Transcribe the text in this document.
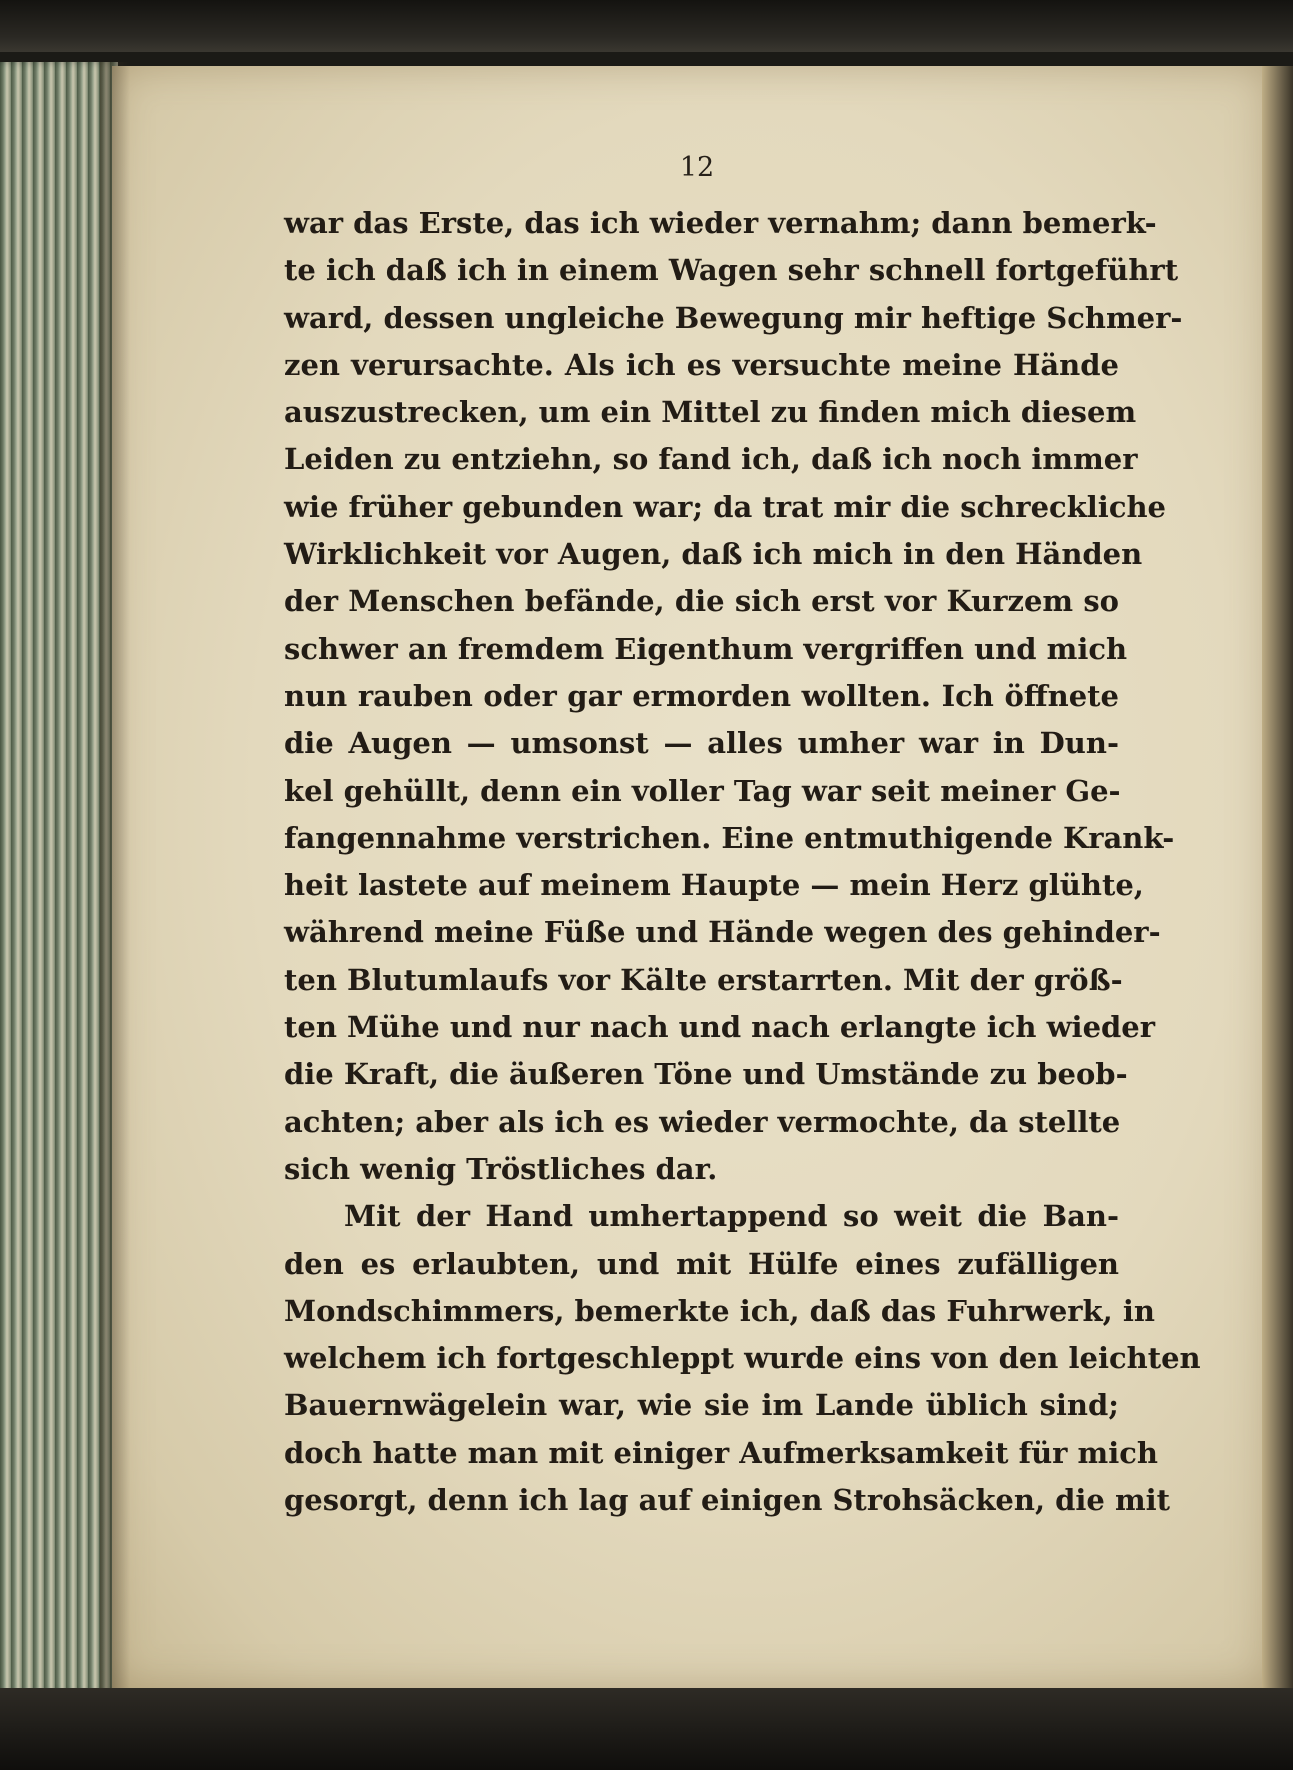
12
war das Erste, das ich wieder vernahm; dann bemerk-
te ich daß ich in einem Wagen sehr schnell fortgeführt
ward, dessen ungleiche Bewegung mir heftige Schmer-
zen verursachte. Als ich es versuchte meine Hände
auszustrecken, um ein Mittel zu finden mich diesem
Leiden zu entziehn, so fand ich, daß ich noch immer
wie früher gebunden war; da trat mir die schreckliche
Wirklichkeit vor Augen, daß ich mich in den Händen
der Menschen befände, die sich erst vor Kurzem so
schwer an fremdem Eigenthum vergriffen und mich
nun rauben oder gar ermorden wollten. Ich öffnete
die Augen — umsonst — alles umher war in Dun-
kel gehüllt, denn ein voller Tag war seit meiner Ge-
fangennahme verstrichen. Eine entmuthigende Krank-
heit lastete auf meinem Haupte — mein Herz glühte,
während meine Füße und Hände wegen des gehinder-
ten Blutumlaufs vor Kälte erstarrten. Mit der größ-
ten Mühe und nur nach und nach erlangte ich wieder
die Kraft, die äußeren Töne und Umstände zu beob-
achten; aber als ich es wieder vermochte, da stellte
sich wenig Tröstliches dar.
Mit der Hand umhertappend so weit die Ban-
den es erlaubten, und mit Hülfe eines zufälligen
Mondschimmers, bemerkte ich, daß das Fuhrwerk, in
welchem ich fortgeschleppt wurde eins von den leichten
Bauernwägelein war, wie sie im Lande üblich sind;
doch hatte man mit einiger Aufmerksamkeit für mich
gesorgt, denn ich lag auf einigen Strohsäcken, die mit
